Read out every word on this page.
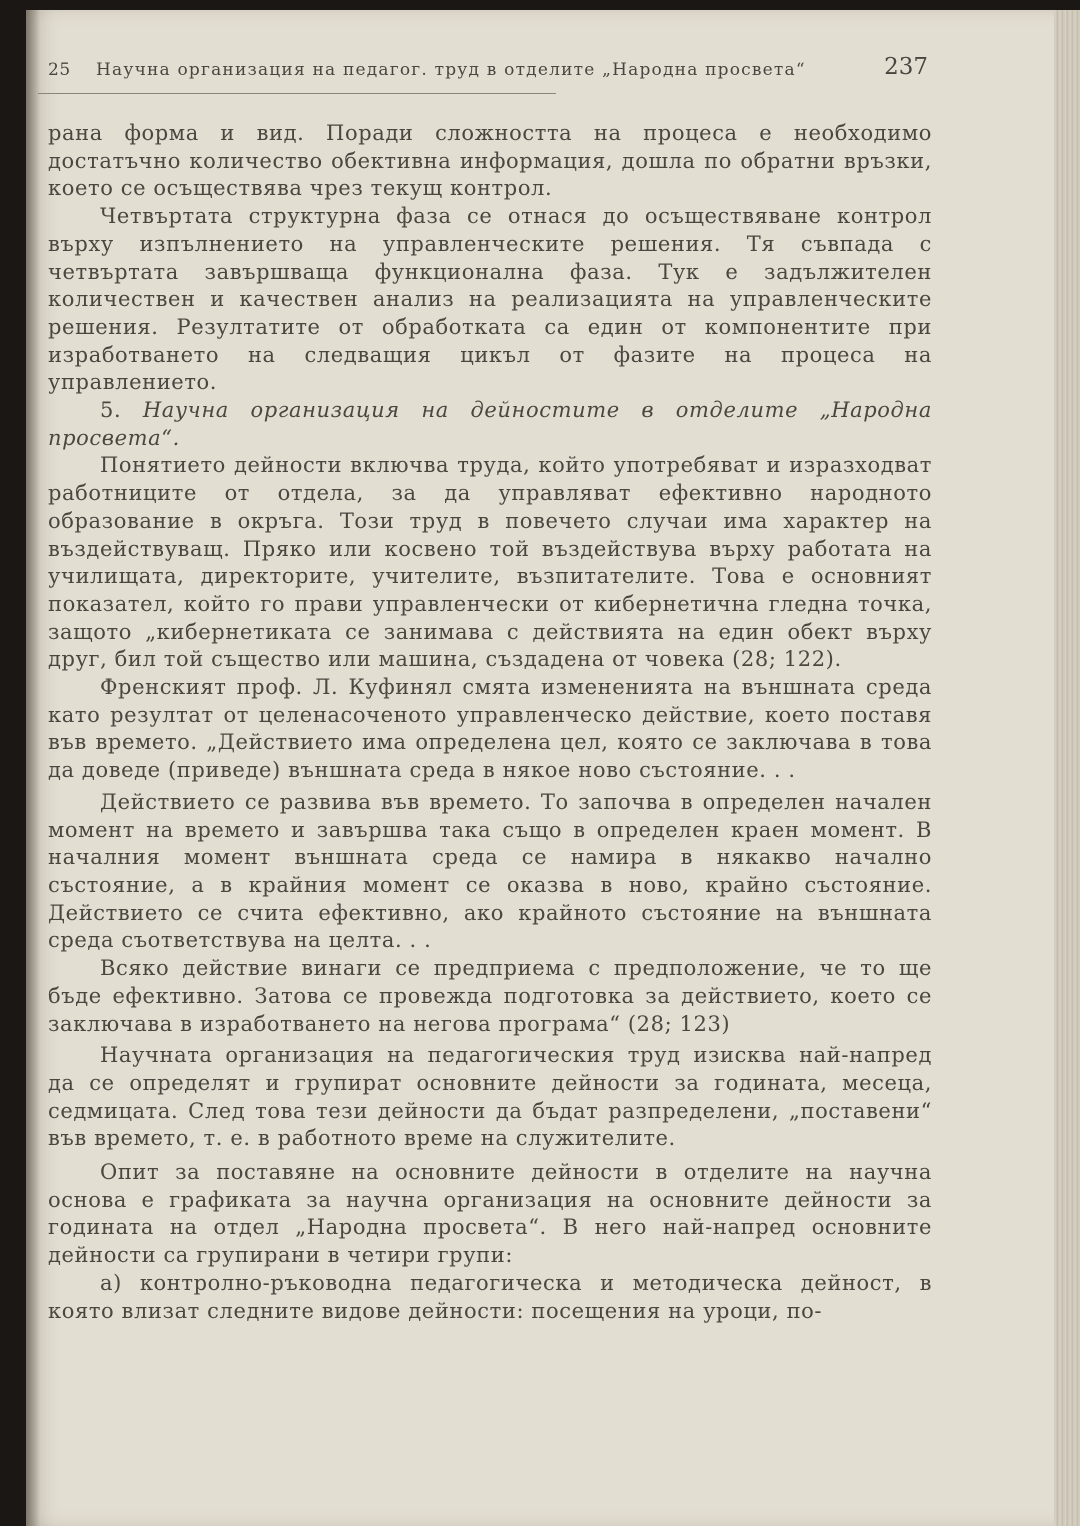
25 Научна организация на педагог. труд в отделите „Народна просвета“	237

рана форма и вид. Поради сложността на процеса е необходимо достатъчно количество обективна информация, дошла по обратни връзки, което се осъществява чрез текущ контрол.

Четвъртата структурна фаза се отнася до осъществяване контрол върху изпълнението на управленческите решения. Тя съвпада с четвъртата завършваща функционална фаза. Тук е задължителен количествен и качествен анализ на реализацията на управленческите решения. Резултатите от обработката са един от компонентите при изработването на следващия цикъл от фазите на процеса на управлението.

5. Научна организация на дейностите в отделите „Народна просвета“.

Понятието дейности включва труда, който употребяват и изразходват работниците от отдела, за да управляват ефективно народното образование в окръга. Този труд в повечето случаи има характер на въздействуващ. Пряко или косвено той въздействува върху работата на училищата, директорите, учителите, възпитателите. Това е основният показател, който го прави управленчески от кибернетична гледна точка, защото „кибернетиката се занимава с действията на един обект върху друг, бил той същество или машина, създадена от човека (28; 122).

Френският проф. Л. Куфинял смята измененията на външната среда като резултат от целенасоченото управленческо действие, което поставя във времето. „Действието има определена цел, която се заключава в това да доведе (приведе) външната среда в някое ново състояние. . .

Действието се развива във времето. То започва в определен начален момент на времето и завършва така също в определен краен момент. В началния момент външната среда се намира в някакво начално състояние, а в крайния момент се оказва в ново, крайно състояние. Действието се счита ефективно, ако крайното състояние на външната среда съответствува на целта. . .

Всяко действие винаги се предприема с предположение, че то ще бъде ефективно. Затова се провежда подготовка за действието, което се заключава в изработването на негова програма“ (28; 123)

Научната организация на педагогическия труд изисква най-напред да се определят и групират основните дейности за годината, месеца, седмицата. След това тези дейности да бъдат разпределени, „поставени“ във времето, т. е. в работното време на служителите.

Опит за поставяне на основните дейности в отделите на научна основа е графиката за научна организация на основните дейности за годината на отдел „Народна просвета“. В него най-напред основните дейности са групирани в четири групи:

а) контролно-ръководна педагогическа и методическа дейност, в която влизат следните видове дейности: посещения на уроци, по-
